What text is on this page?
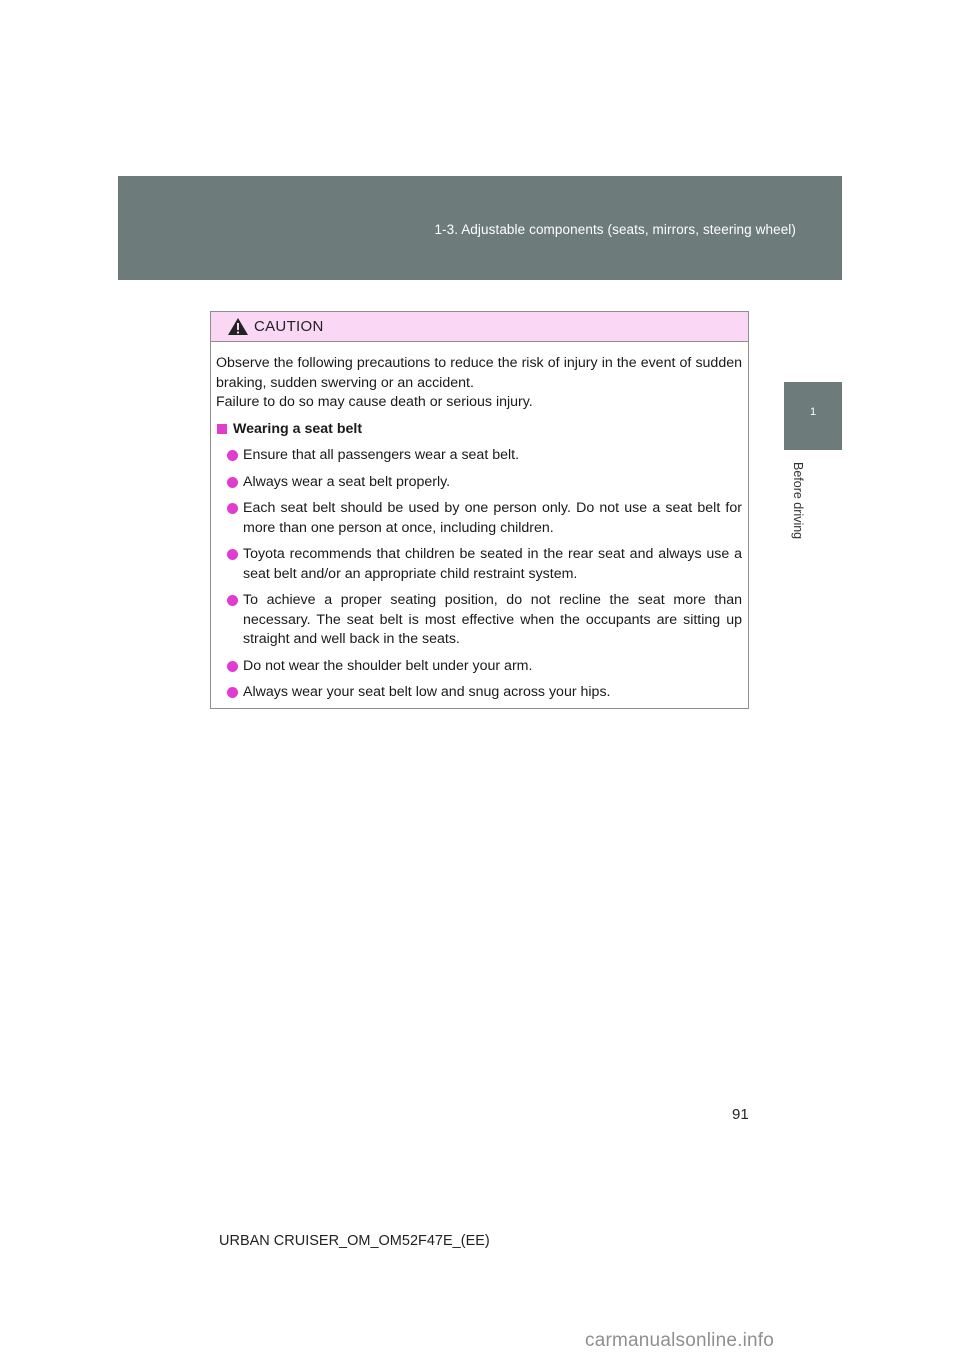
1-3. Adjustable components (seats, mirrors, steering wheel)
1
Before driving
CAUTION

Observe the following precautions to reduce the risk of injury in the event of sudden braking, sudden swerving or an accident.

Failure to do so may cause death or serious injury.

Wearing a seat belt
Ensure that all passengers wear a seat belt.
Always wear a seat belt properly.
Each seat belt should be used by one person only. Do not use a seat belt for more than one person at once, including children.
Toyota recommends that children be seated in the rear seat and always use a seat belt and/or an appropriate child restraint system.
To achieve a proper seating position, do not recline the seat more than necessary. The seat belt is most effective when the occupants are sitting up straight and well back in the seats.
Do not wear the shoulder belt under your arm.
Always wear your seat belt low and snug across your hips.
91
URBAN CRUISER_OM_OM52F47E_(EE)
carmanualsonline.info
